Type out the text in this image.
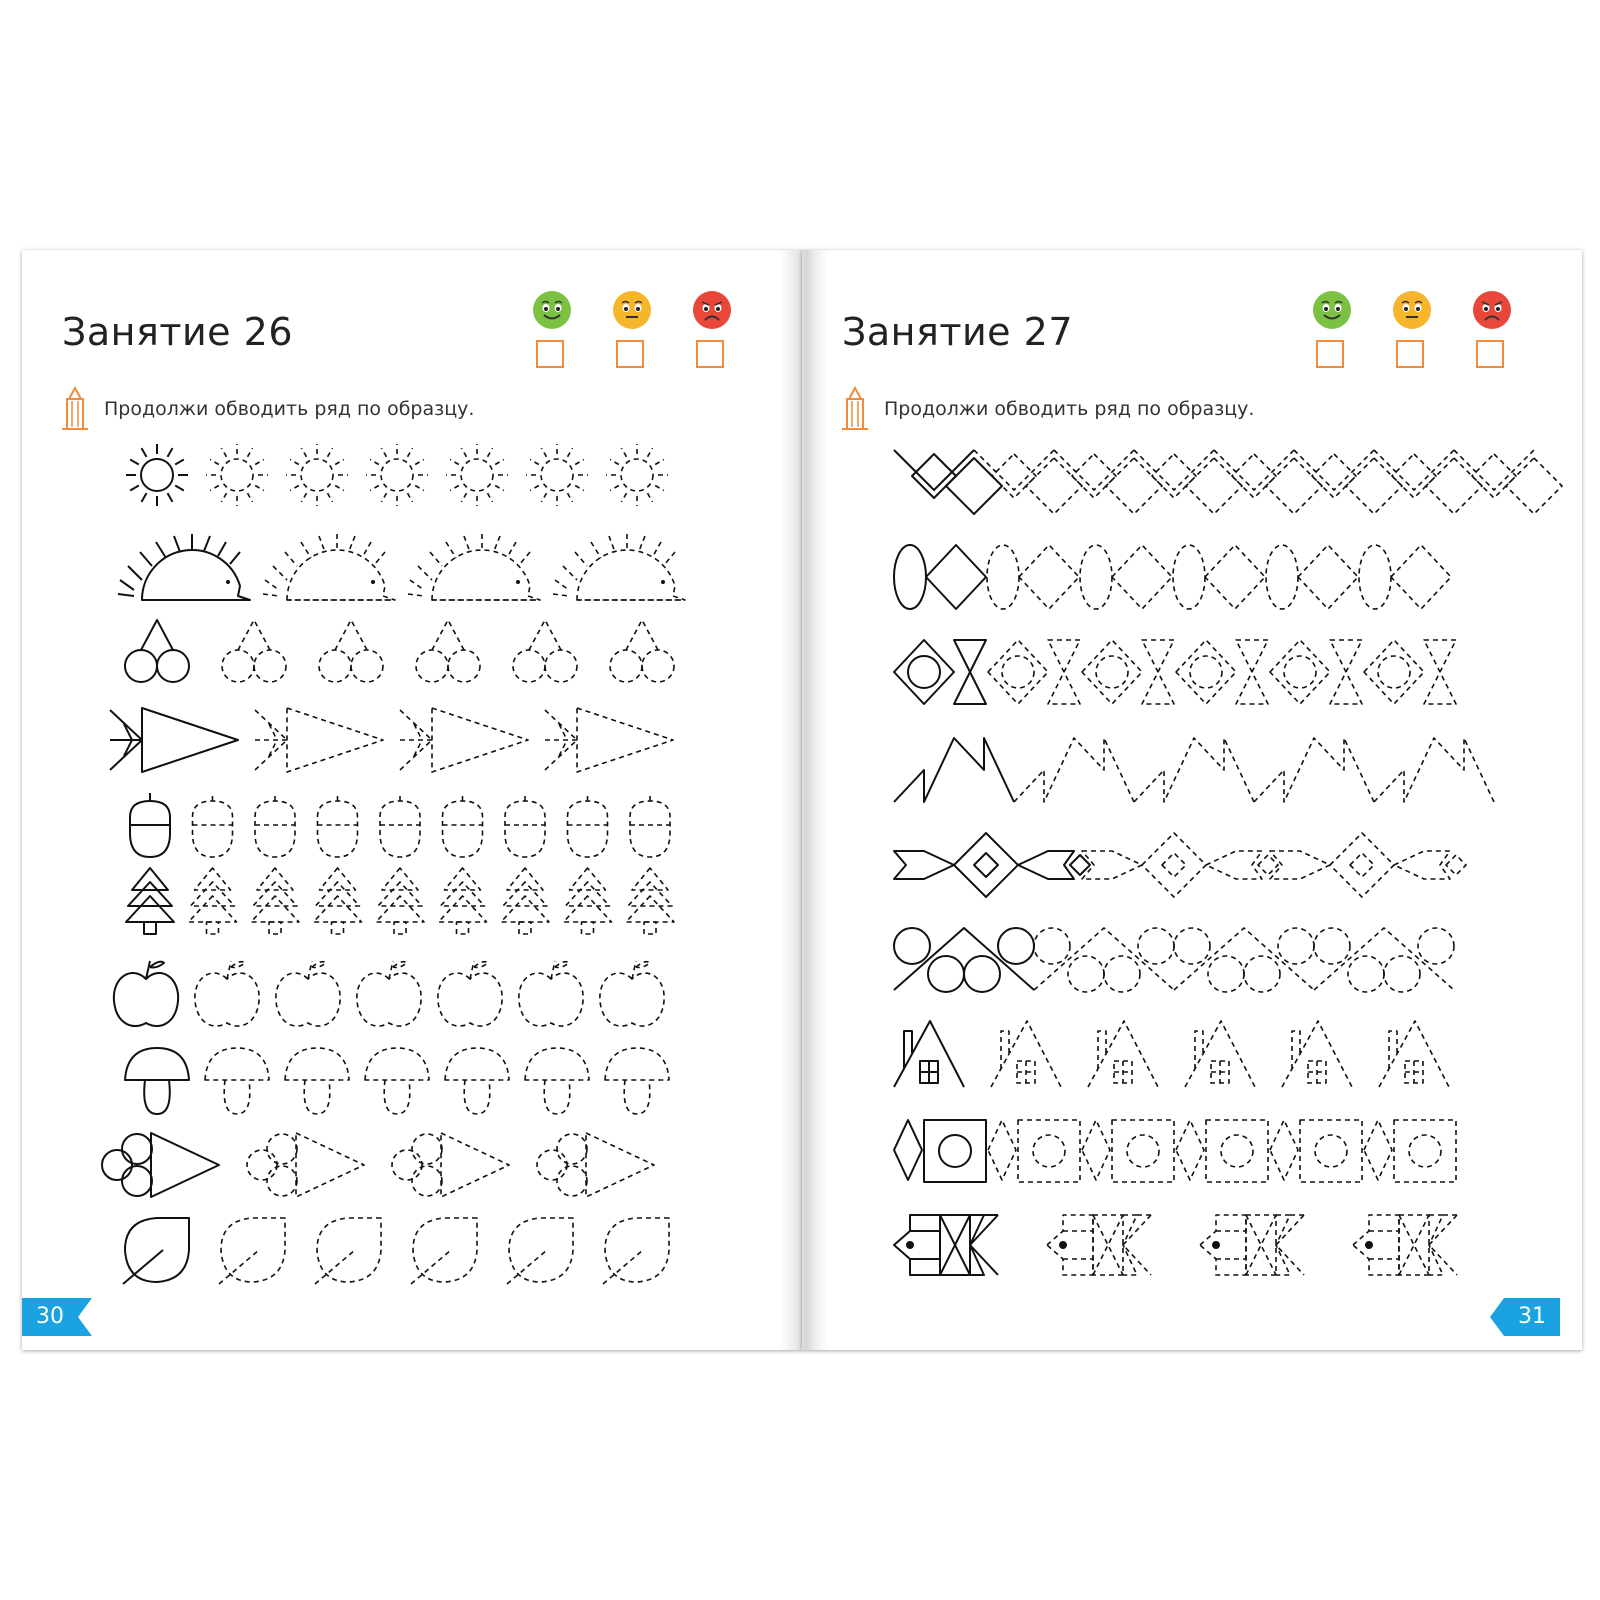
Занятие 26
Продолжи обводить ряд по образцу.
30
Занятие 27
Продолжи обводить ряд по образцу.
31
